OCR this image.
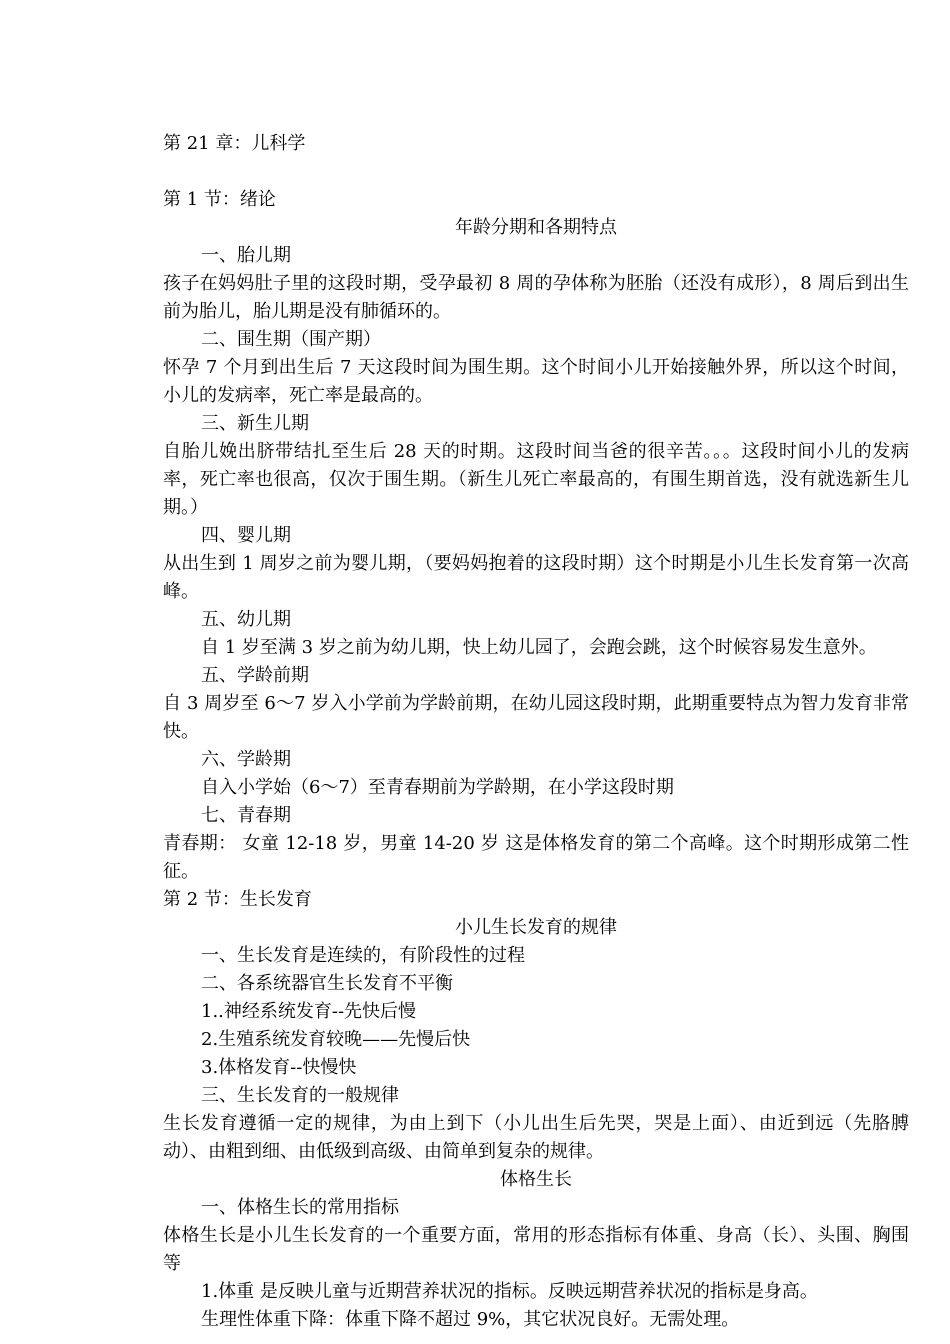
第 21 章：儿科学

第 1 节：绪论

年龄分期和各期特点

一、胎儿期

孩子在妈妈肚子里的这段时期，受孕最初 8 周的孕体称为胚胎（还没有成形），8 周后到出生前为胎儿，胎儿期是没有肺循环的。

二、围生期（围产期）

怀孕 7 个月到出生后 7 天这段时间为围生期。这个时间小儿开始接触外界，所以这个时间，小儿的发病率，死亡率是最高的。

三、新生儿期

自胎儿娩出脐带结扎至生后 28 天的时期。这段时间当爸的很辛苦。。。这段时间小儿的发病率，死亡率也很高，仅次于围生期。（新生儿死亡率最高的，有围生期首选，没有就选新生儿期。）

四、婴儿期

从出生到 1 周岁之前为婴儿期，（要妈妈抱着的这段时期）这个时期是小儿生长发育第一次高峰。

五、幼儿期

自 1 岁至满 3 岁之前为幼儿期，快上幼儿园了，会跑会跳，这个时候容易发生意外。

五、学龄前期

自 3 周岁至 6～7 岁入小学前为学龄前期，在幼儿园这段时期，此期重要特点为智力发育非常快。

六、学龄期

自入小学始（6～7）至青春期前为学龄期，在小学这段时期

七、青春期

青春期： 女童 12-18 岁，男童 14-20 岁 这是体格发育的第二个高峰。这个时期形成第二性征。

第 2 节：生长发育

小儿生长发育的规律

一、生长发育是连续的，有阶段性的过程

二、各系统器官生长发育不平衡

1..神经系统发育--先快后慢

2.生殖系统发育较晚——先慢后快

3.体格发育--快慢快

三、生长发育的一般规律

生长发育遵循一定的规律，为由上到下（小儿出生后先哭，哭是上面）、由近到远（先胳膊动）、由粗到细、由低级到高级、由简单到复杂的规律。

体格生长

一、体格生长的常用指标

体格生长是小儿生长发育的一个重要方面，常用的形态指标有体重、身高（长）、头围、胸围等

1.体重 是反映儿童与近期营养状况的指标。反映远期营养状况的指标是身高。

生理性体重下降：体重下降不超过 9%，其它状况良好。无需处理。
